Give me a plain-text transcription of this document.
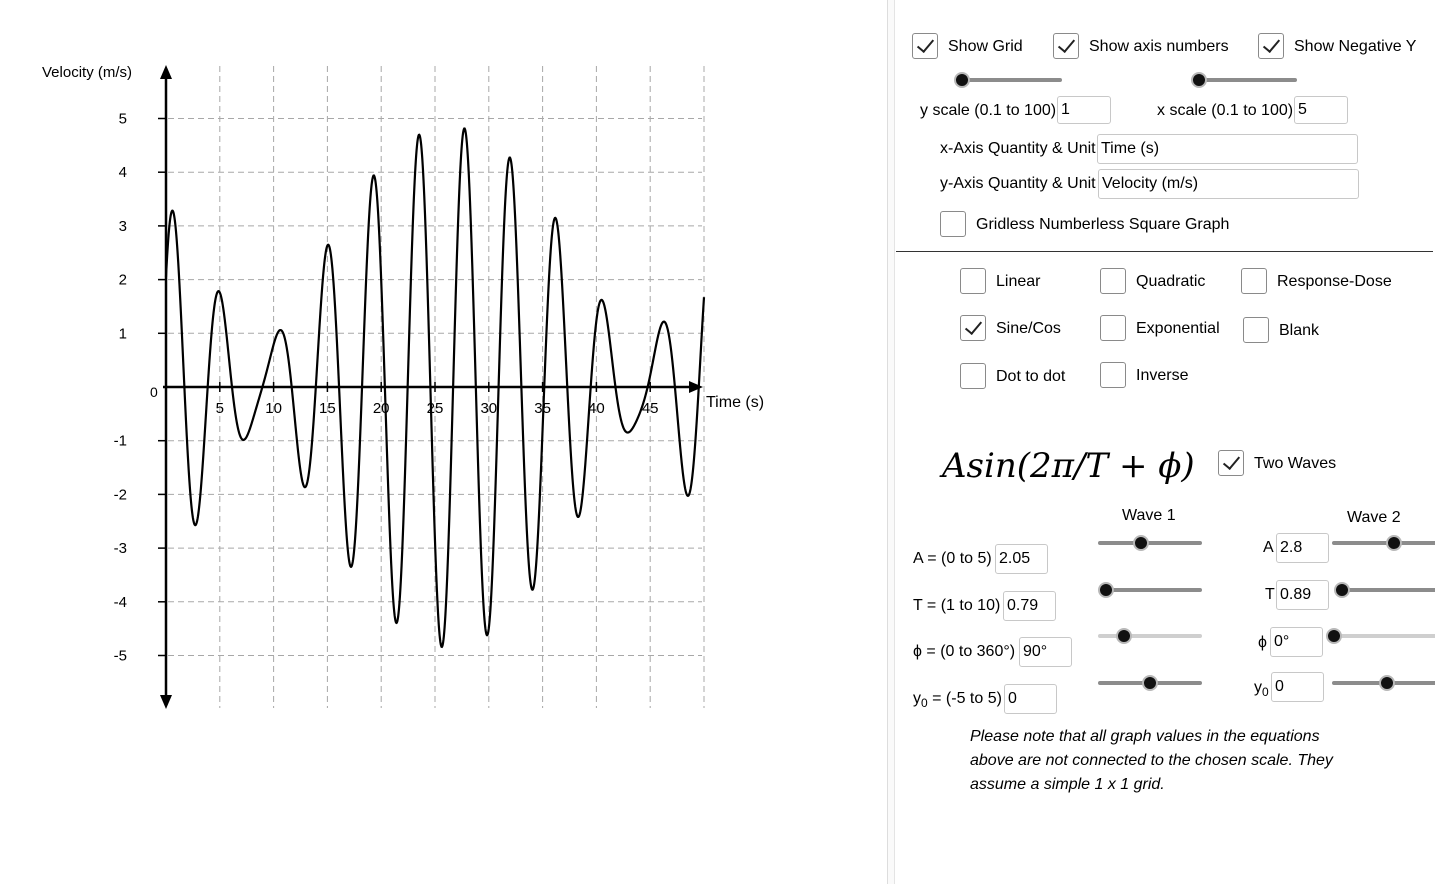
5	10 15 20 25 30 35 40 45
5
4
3
2
1
-1
-2
-3
-4
-5
Velocity (m/s)
Time (s)
0
Show Grid	Show axis numbers	Show Negative Y
y scale (0.1 to 100)
1	x scale (0.1 to 100)
5
x-Axis Quantity & Unit
Time (s)
y-Axis Quantity & Unit
Velocity (m/s)
Gridless Numberless Square Graph
Linear	Quadratic	Response-Dose
Sine/Cos	Exponential	Blank
Dot to dot	Inverse
Asin(2π/T + ϕ)	Two Waves
Wave 1	Wave 2
A = (0 to 5)
2.05
T = (1 to 10)
0.79
ϕ = (0 to 360°)
90°
$y_0 = (-5$ to 5)
0
A
2.8
T
0.89
ϕ
0°
$y_0$
0
Please note that all graph values in the equations above are not connected to the chosen scale. They assume a simple 1 x 1 grid.
